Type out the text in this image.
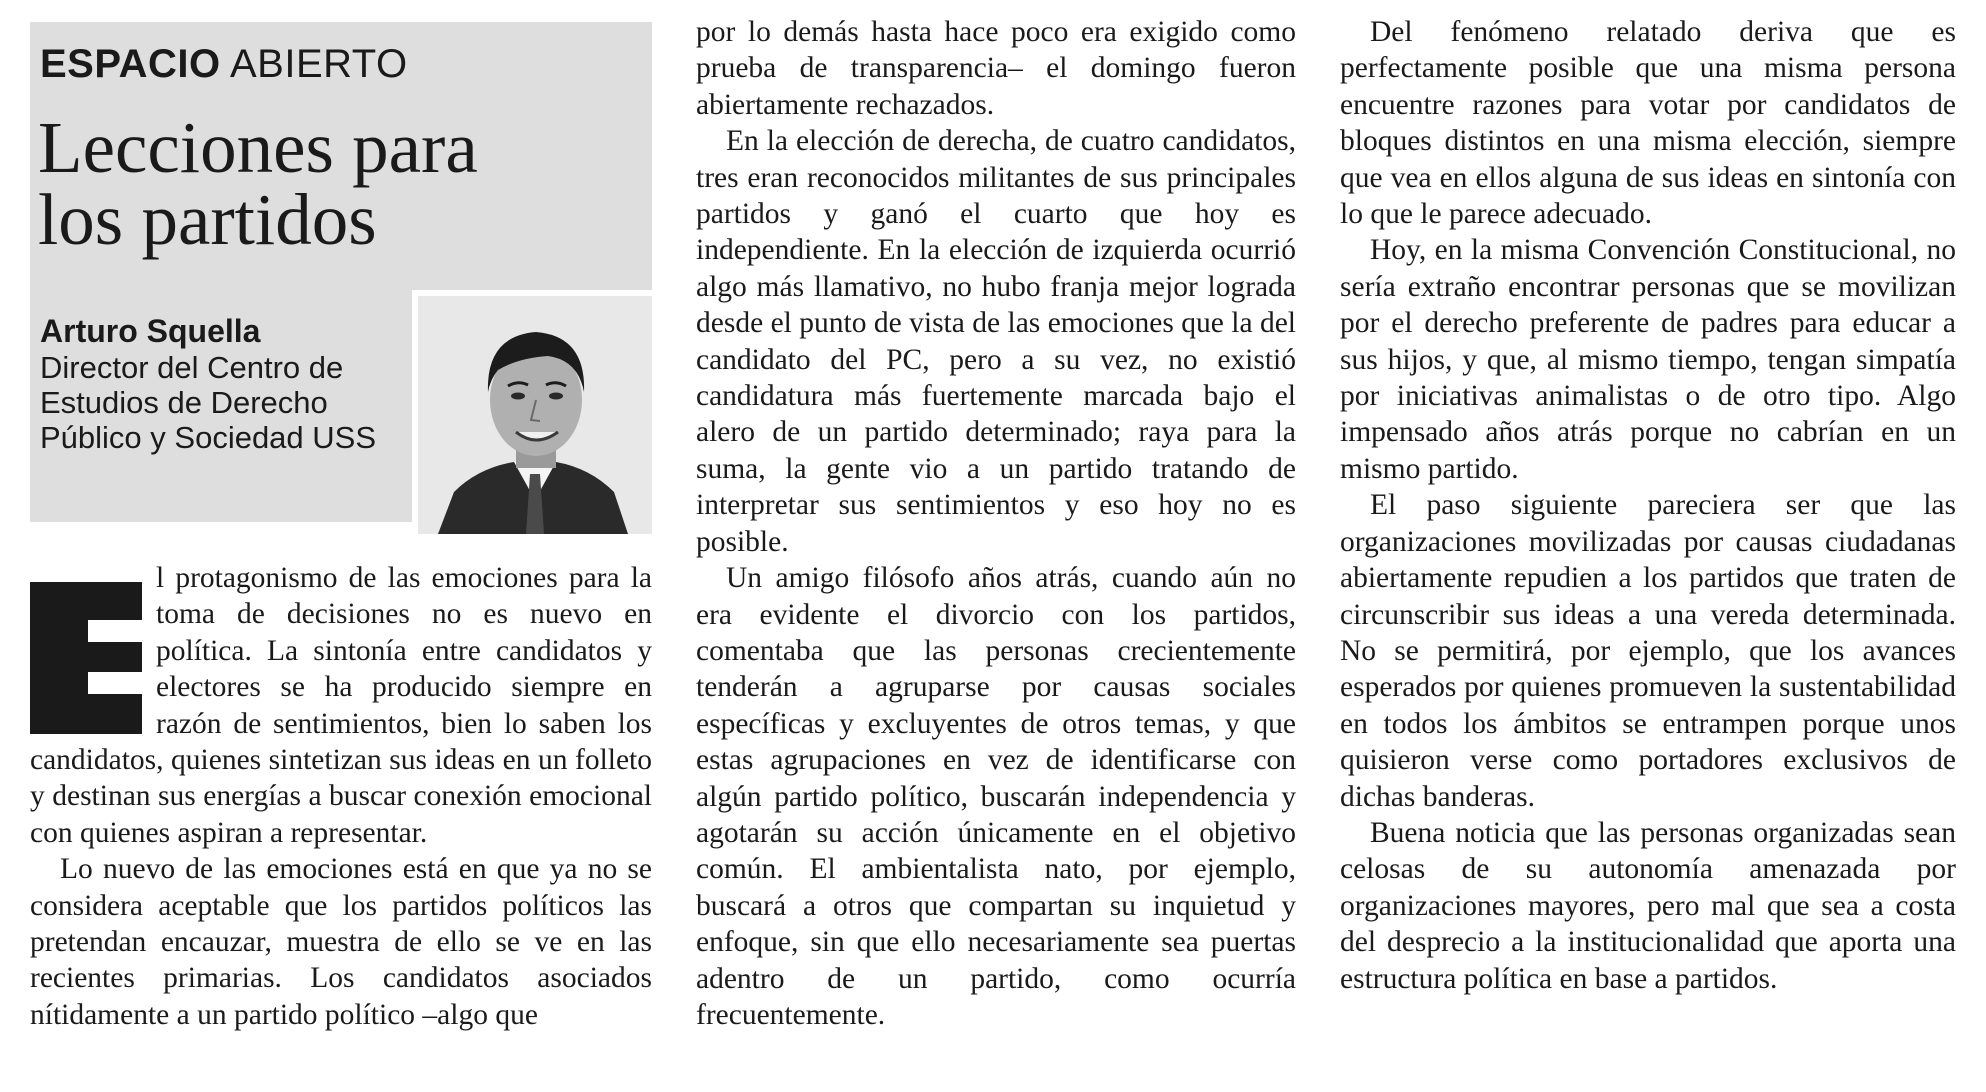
ESPACIO ABIERTO
Lecciones para
los partidos
Arturo Squella
Director del Centro de Estudios de Derecho Público y Sociedad USS

l protagonismo de las emociones para la toma de decisiones no es nuevo en política. La sintonía entre candidatos y electores se ha producido siempre en razón de sentimientos, bien lo saben los candidatos, quienes sintetizan sus ideas en un folleto y destinan sus energías a buscar conexión emocional con quienes aspiran a representar.

Lo nuevo de las emociones está en que ya no se considera aceptable que los partidos políticos las pretendan encauzar, muestra de ello se ve en las recientes primarias. Los candidatos asociados nítidamente a un partido político –algo que

por lo demás hasta hace poco era exigido como prueba de transparencia– el domingo fueron abiertamente rechazados.

En la elección de derecha, de cuatro candidatos, tres eran reconocidos militantes de sus principales partidos y ganó el cuarto que hoy es independiente. En la elección de izquierda ocurrió algo más llamativo, no hubo franja mejor lograda desde el punto de vista de las emociones que la del candidato del PC, pero a su vez, no existió candidatura más fuertemente marcada bajo el alero de un partido determinado; raya para la suma, la gente vio a un partido tratando de interpretar sus sentimientos y eso hoy no es posible.

Un amigo filósofo años atrás, cuando aún no era evidente el divorcio con los partidos, comentaba que las personas crecientemente tenderán a agruparse por causas sociales específicas y excluyentes de otros temas, y que estas agrupaciones en vez de identificarse con algún partido político, buscarán independencia y agotarán su acción únicamente en el objetivo común. El ambientalista nato, por ejemplo, buscará a otros que compartan su inquietud y enfoque, sin que ello necesariamente sea puertas adentro de un partido, como ocurría frecuentemente.

Del fenómeno relatado deriva que es perfectamente posible que una misma persona encuentre razones para votar por candidatos de bloques distintos en una misma elección, siempre que vea en ellos alguna de sus ideas en sintonía con lo que le parece adecuado.

Hoy, en la misma Convención Constitucional, no sería extraño encontrar personas que se movilizan por el derecho preferente de padres para educar a sus hijos, y que, al mismo tiempo, tengan simpatía por iniciativas animalistas o de otro tipo. Algo impensado años atrás porque no cabrían en un mismo partido.

El paso siguiente pareciera ser que las organizaciones movilizadas por causas ciudadanas abiertamente repudien a los partidos que traten de circunscribir sus ideas a una vereda determinada. No se permitirá, por ejemplo, que los avances esperados por quienes promueven la sustentabilidad en todos los ámbitos se entrampen porque unos quisieron verse como portadores exclusivos de dichas banderas.

Buena noticia que las personas organizadas sean celosas de su autonomía amenazada por organizaciones mayores, pero mal que sea a costa del desprecio a la institucionalidad que aporta una estructura política en base a partidos.
